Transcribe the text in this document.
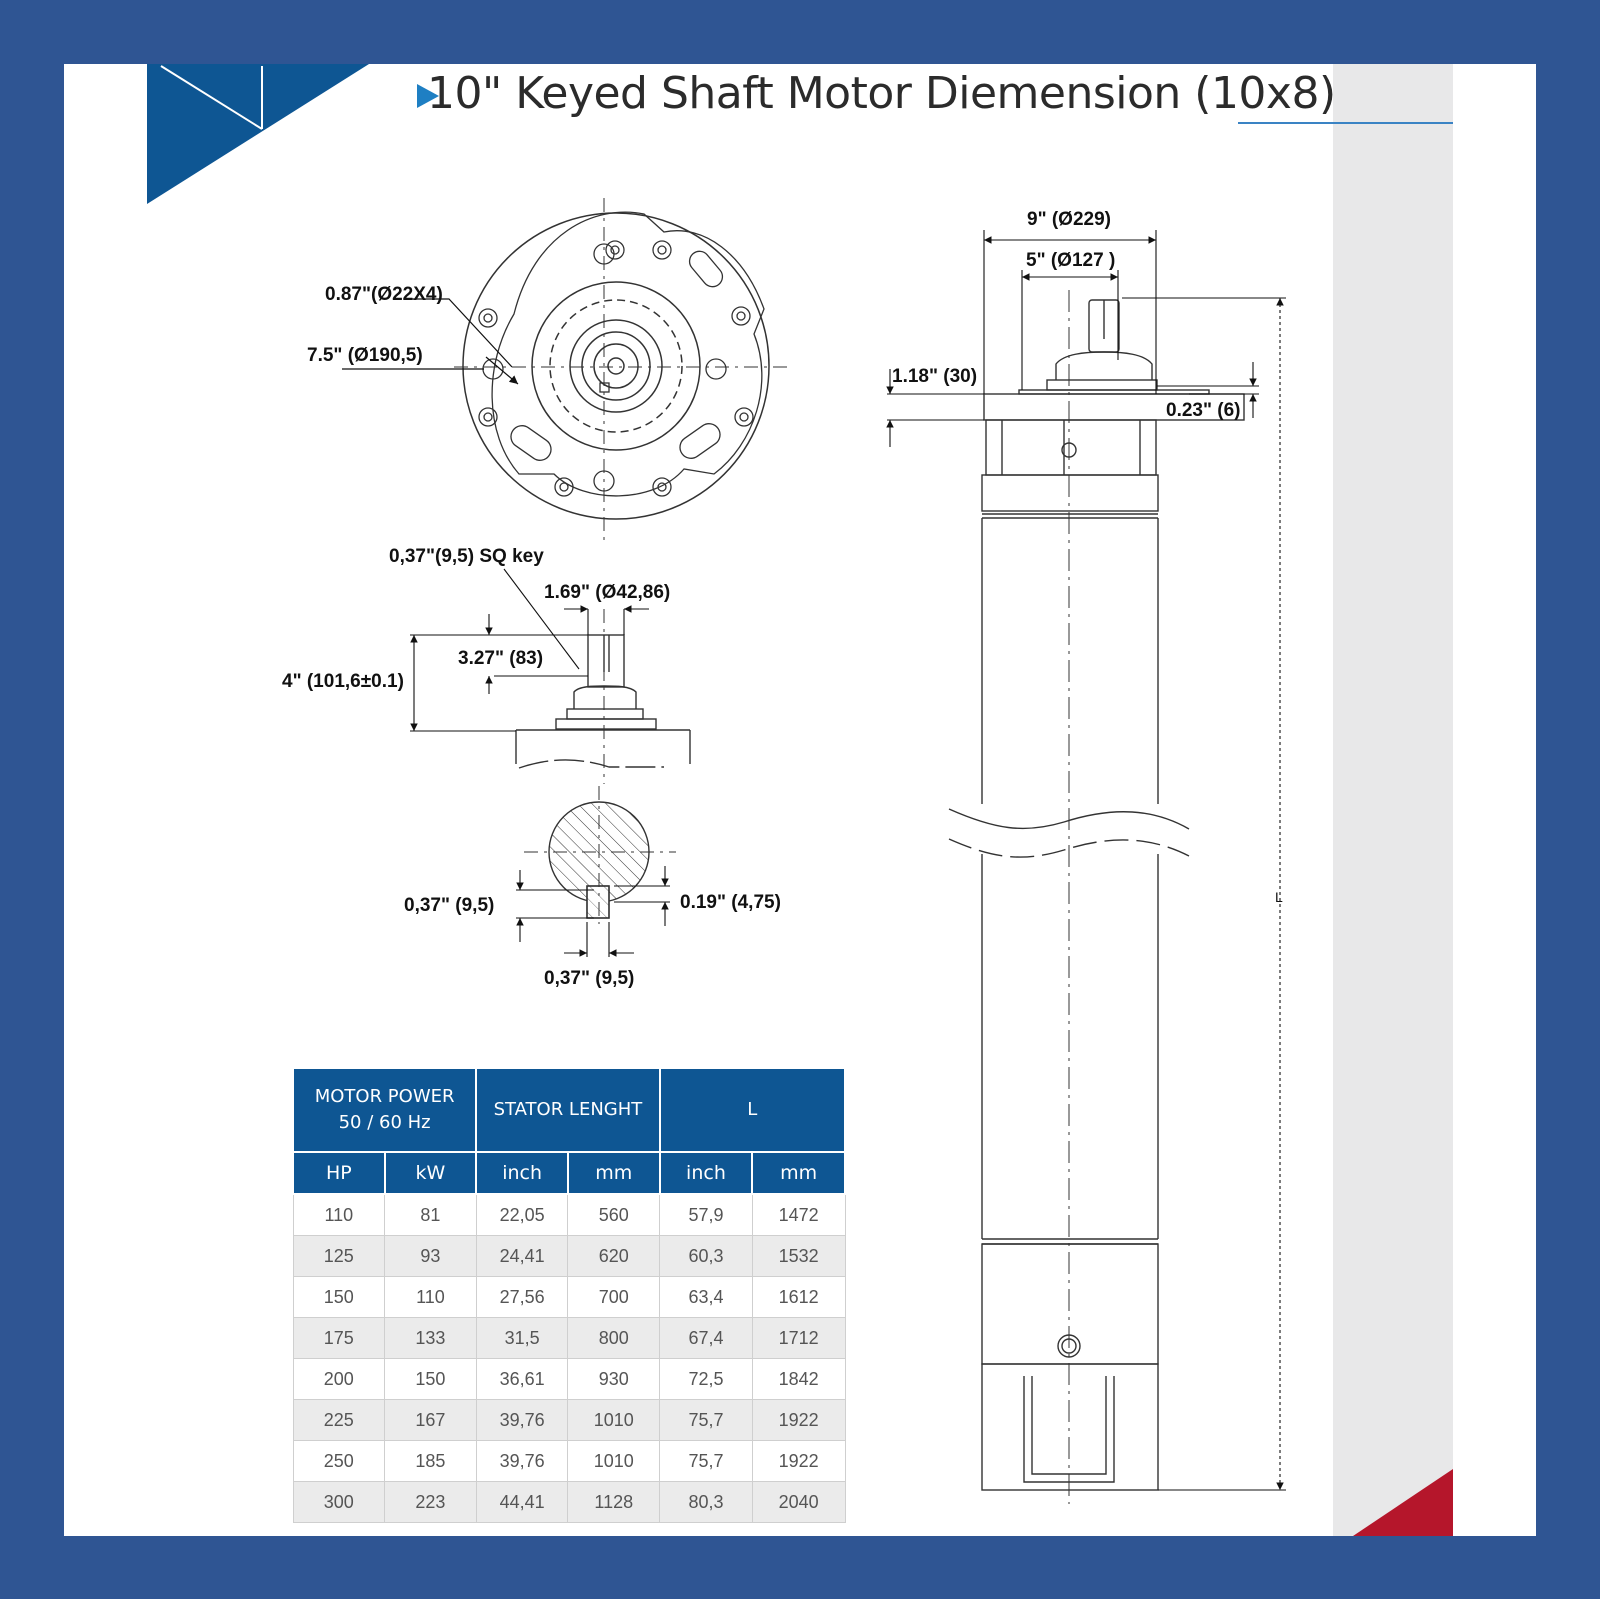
10" Keyed Shaft Motor Diemension (10x8)
0.87"(Ø22X4)
7.5" (Ø190,5)
0,37"(9,5) SQ key
1.69" (Ø42,86)
3.27" (83)
4" (101,6±0.1)
0,37" (9,5)	0.19" (4,75)
0,37" (9,5)
9" (Ø229)
5" (Ø127 )
1.18" (30)
0.23" (6)
L
MOTOR POWER
50 / 60 Hz		STATOR LENGHT		L	
HP	kW	inch	mm	inch	mm
110	81	22,05	560	57,9	1472
125	93	24,41	620	60,3	1532
150	110	27,56	700	63,4	1612
175	133	31,5	800	67,4	1712
200	150	36,61	930	72,5	1842
225	167	39,76	1010	75,7	1922
250	185	39,76	1010	75,7	1922
300	223	44,41	1128	80,3	2040
